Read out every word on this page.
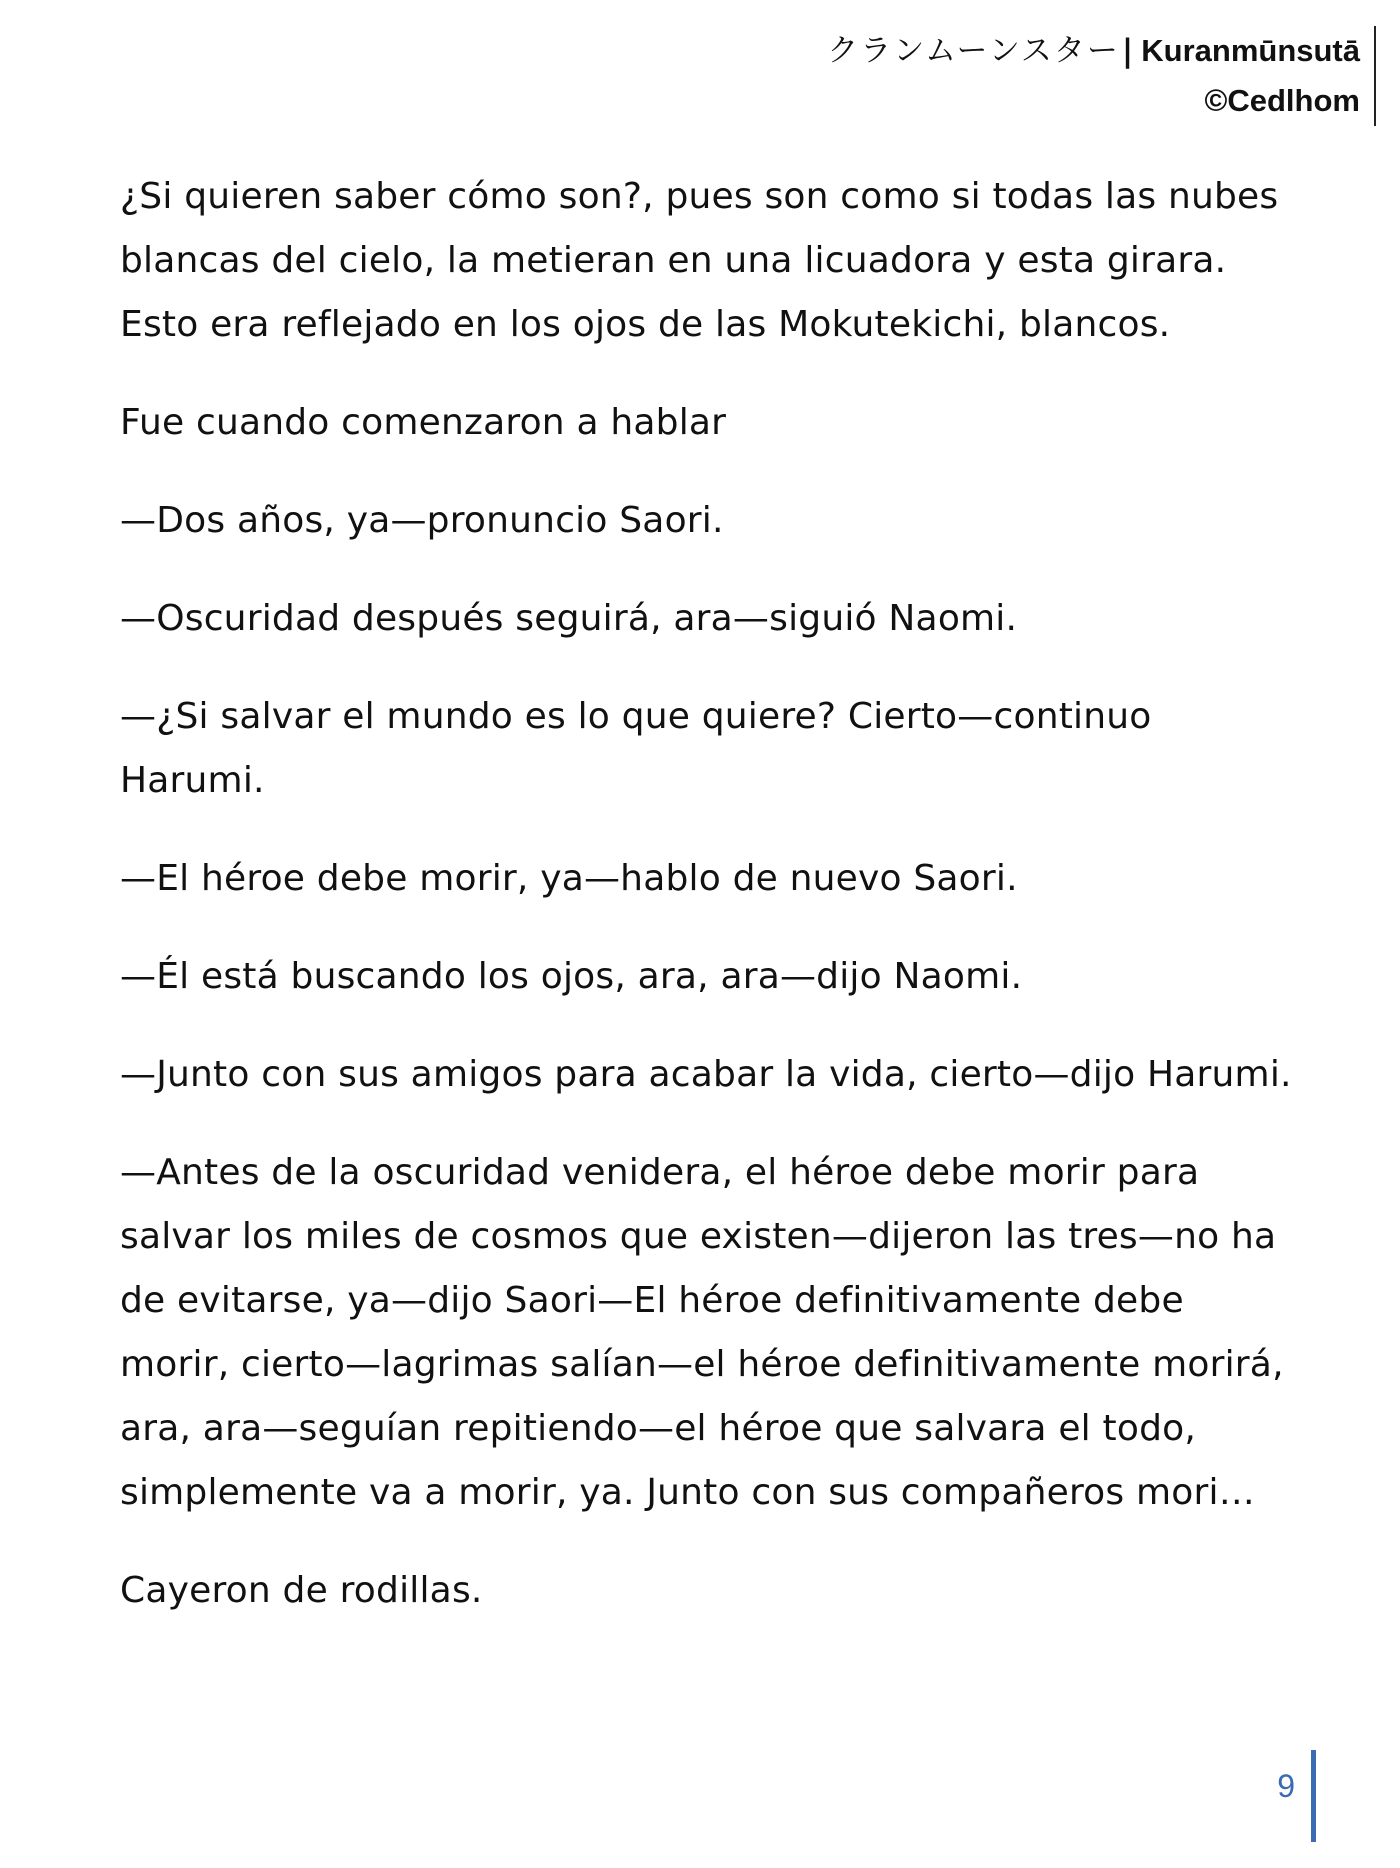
クランムーンスター| Kuranmūnsutā
©Cedlhom

¿Si quieren saber cómo son?, pues son como si todas las nubes blancas del cielo, la metieran en una licuadora y esta girara. Esto era reflejado en los ojos de las Mokutekichi, blancos.

Fue cuando comenzaron a hablar

—Dos años, ya—pronuncio Saori.

—Oscuridad después seguirá, ara—siguió Naomi.

—¿Si salvar el mundo es lo que quiere? Cierto—continuo Harumi.

—El héroe debe morir, ya—hablo de nuevo Saori.

—Él está buscando los ojos, ara, ara—dijo Naomi.

—Junto con sus amigos para acabar la vida, cierto—dijo Harumi.

—Antes de la oscuridad venidera, el héroe debe morir para salvar los miles de cosmos que existen—dijeron las tres—no ha de evitarse, ya—dijo Saori—El héroe definitivamente debe morir, cierto—lagrimas salían—el héroe definitivamente morirá, ara, ara—seguían repitiendo—el héroe que salvara el todo, simplemente va a morir, ya. Junto con sus compañeros mori…

Cayeron de rodillas.

9
